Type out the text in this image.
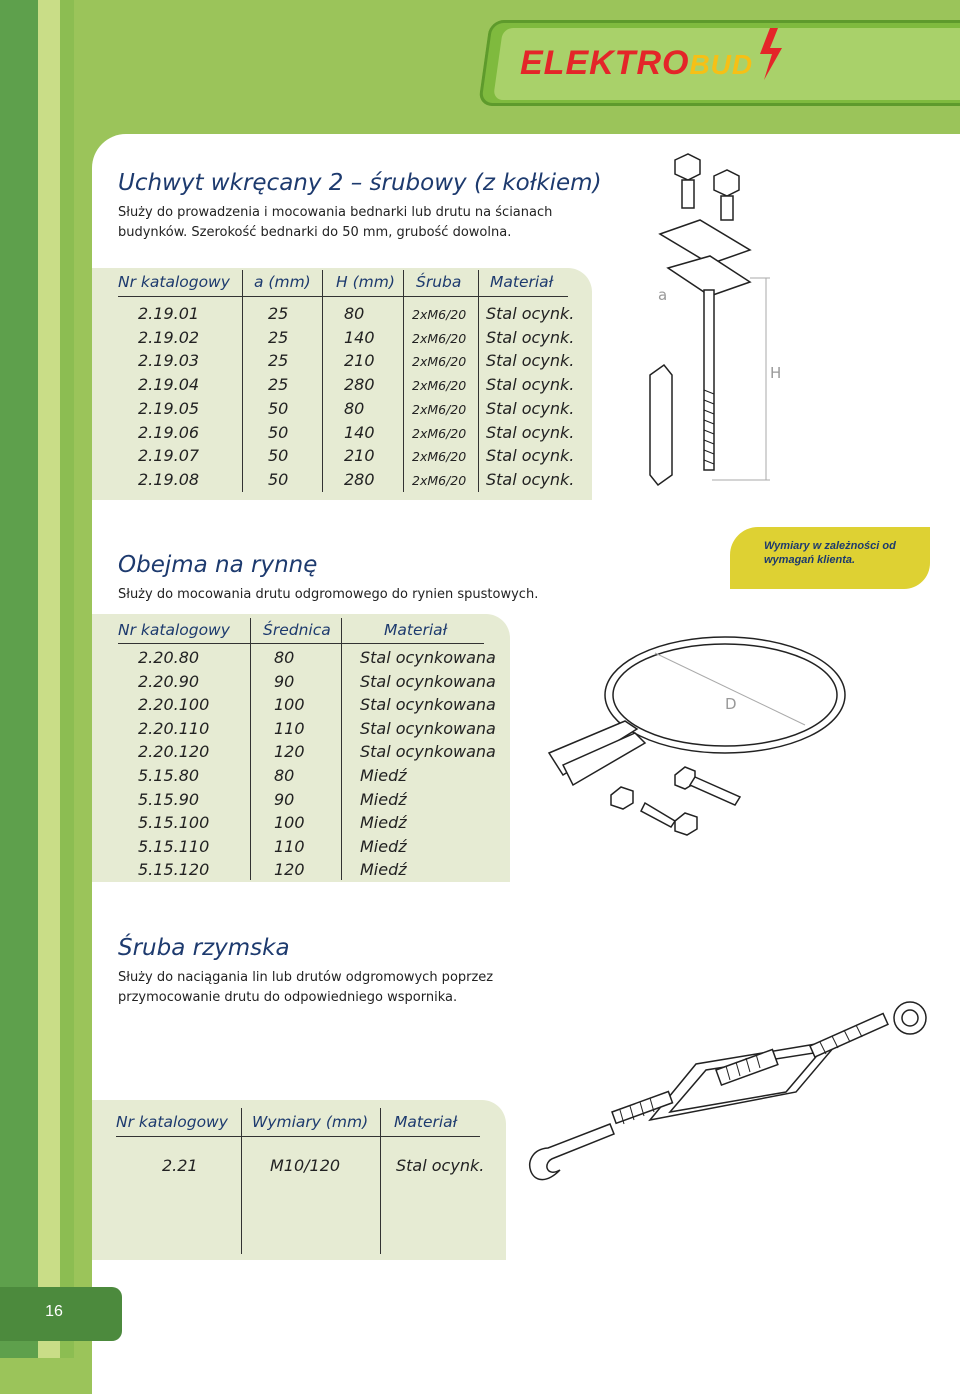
ELEKTROBUD
Uchwyt wkręcany 2 – śrubowy (z kołkiem)
Służy do prowadzenia i mocowania bednarki lub drutu na ścianach
budynków. Szerokość bednarki do 50 mm, grubość dowolna.
Nr katalogowy a (mm) H (mm) Śruba Materiał
2.19.01	25	80	2xM6/20 Stal ocynk.
2.19.02	25	140	2xM6/20 Stal ocynk.
2.19.03	25	210	2xM6/20 Stal ocynk.
2.19.04	25	280	2xM6/20 Stal ocynk.
2.19.05	50	80	2xM6/20 Stal ocynk.
2.19.06	50	140	2xM6/20 Stal ocynk.
2.19.07	50	210	2xM6/20 Stal ocynk.
2.19.08	50	280	2xM6/20 Stal ocynk.
a
H
Obejma na rynnę
Służy do mocowania drutu odgromowego do rynien spustowych.
Wymiary w zależności od wymagań klienta.
Nr katalogowy Średnica	Materiał
2.20.80	80	Stal ocynkowana
2.20.90	90	Stal ocynkowana
2.20.100	100	Stal ocynkowana
2.20.110	110	Stal ocynkowana
2.20.120	120	Stal ocynkowana
5.15.80	80	Miedź
5.15.90	90	Miedź
5.15.100	100	Miedź
5.15.110	110	Miedź
5.15.120	120	Miedź
D
Śruba rzymska
Służy do naciągania lin lub drutów odgromowych poprzez
przymocowanie drutu do odpowiedniego wspornika.
Nr katalogowy Wymiary (mm) Materiał
2.21	M10/120	Stal ocynk.
16
